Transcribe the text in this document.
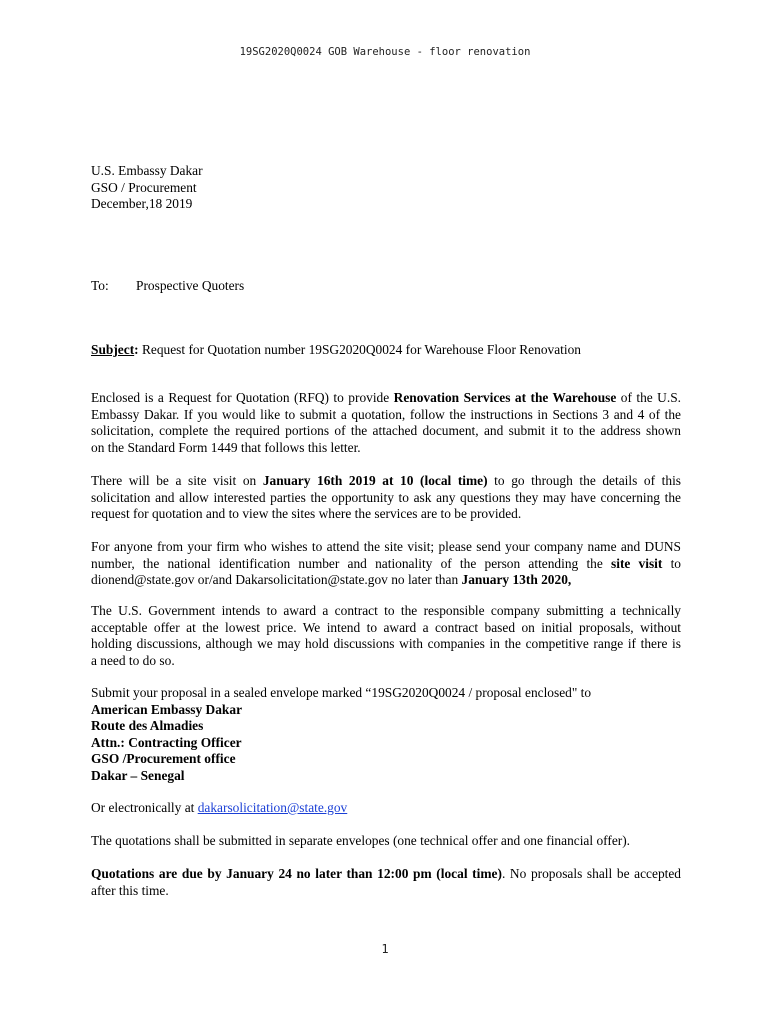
19SG2020Q0024 GOB Warehouse - floor renovation
U.S. Embassy Dakar
GSO / Procurement
December,18 2019
To: Prospective Quoters
Subject: Request for Quotation number 19SG2020Q0024 for Warehouse Floor Renovation
Enclosed is a Request for Quotation (RFQ) to provide Renovation Services at the Warehouse of the U.S.
Embassy Dakar. If you would like to submit a quotation, follow the instructions in Sections 3 and 4 of the
solicitation, complete the required portions of the attached document, and submit it to the address shown
on the Standard Form 1449 that follows this letter.
There will be a site visit on January 16th 2019 at 10 (local time) to go through the details of this
solicitation and allow interested parties the opportunity to ask any questions they may have concerning the
request for quotation and to view the sites where the services are to be provided.
For anyone from your firm who wishes to attend the site visit; please send your company name and DUNS
number, the national identification number and nationality of the person attending the site visit to
dionend@state.gov or/and Dakarsolicitation@state.gov no later than January 13th 2020,
The U.S. Government intends to award a contract to the responsible company submitting a technically
acceptable offer at the lowest price. We intend to award a contract based on initial proposals, without
holding discussions, although we may hold discussions with companies in the competitive range if there is
a need to do so.
Submit your proposal in a sealed envelope marked “19SG2020Q0024 / proposal enclosed" to
American Embassy Dakar
Route des Almadies
Attn.: Contracting Officer
GSO /Procurement office
Dakar – Senegal
Or electronically at dakarsolicitation@state.gov
The quotations shall be submitted in separate envelopes (one technical offer and one financial offer).
Quotations are due by January 24 no later than 12:00 pm (local time). No proposals shall be accepted
after this time.
1
